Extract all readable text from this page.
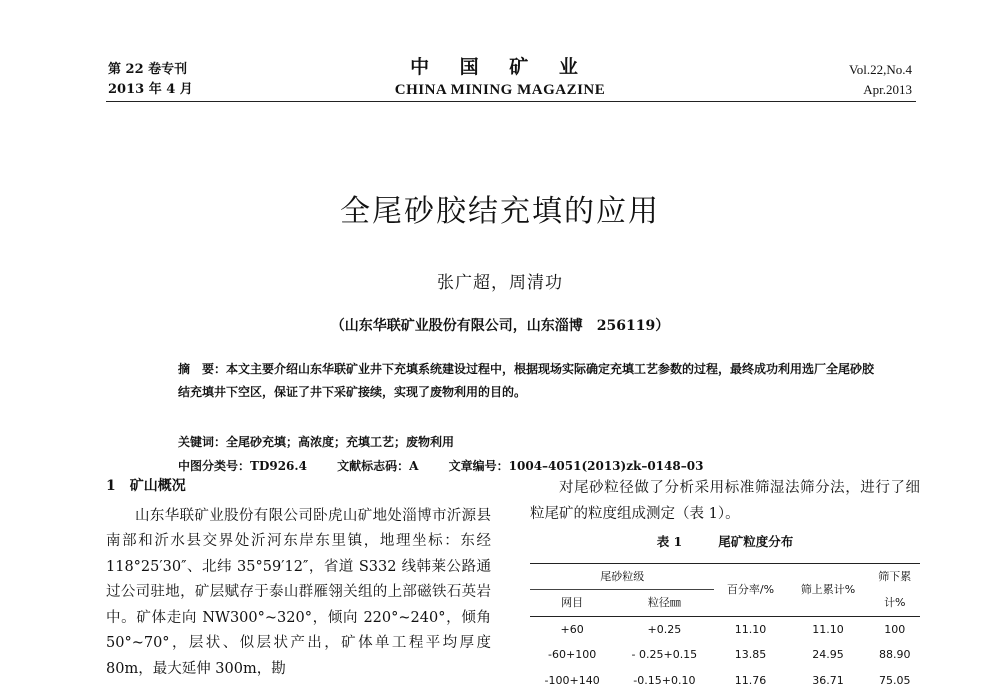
第 22 卷专刊
2013 年 4 月
中 国 矿 业
CHINA MINING MAGAZINE
Vol.22,No.4
Apr.2013
全尾砂胶结充填的应用
张广超，周清功
（山东华联矿业股份有限公司，山东淄博　256119）
摘　要：本文主要介绍山东华联矿业井下充填系统建设过程中，根据现场实际确定充填工艺参数的过程，最终成功利用选厂全尾砂胶结充填井下空区，保证了井下采矿接续，实现了废物利用的目的。
关键词：全尾砂充填；高浓度；充填工艺；废物利用
中图分类号：TD926.4	文献标志码：A	文章编号：1004–4051(2013)zk–0148–03
1　矿山概况
山东华联矿业股份有限公司卧虎山矿地处淄博市沂源县南部和沂水县交界处沂河东岸东里镇，地理坐标：东经 118°25′30″、北纬 35°59′12″，省道 S332 线韩莱公路通过公司驻地，矿层赋存于泰山群雁翎关组的上部磁铁石英岩中。矿体走向 NW300°~320°，倾向 220°~240°，倾角 50°~70°，层状、似层状产出，矿体单工程平均厚度 80m，最大延伸 300m，勘
对尾砂粒径做了分析采用标准筛湿法筛分法，进行了细粒尾矿的粒度组成测定（表 1）。
表 1	尾矿粒度分布
尾砂粒级		百分率/%	筛上累计%	筛下累
计%

网目	粒径㎜			
+60	+0.25	11.10	11.10	100
-60+100	- 0.25+0.15	13.85	24.95	88.90
-100+140	-0.15+0.10	11.76	36.71	75.05
